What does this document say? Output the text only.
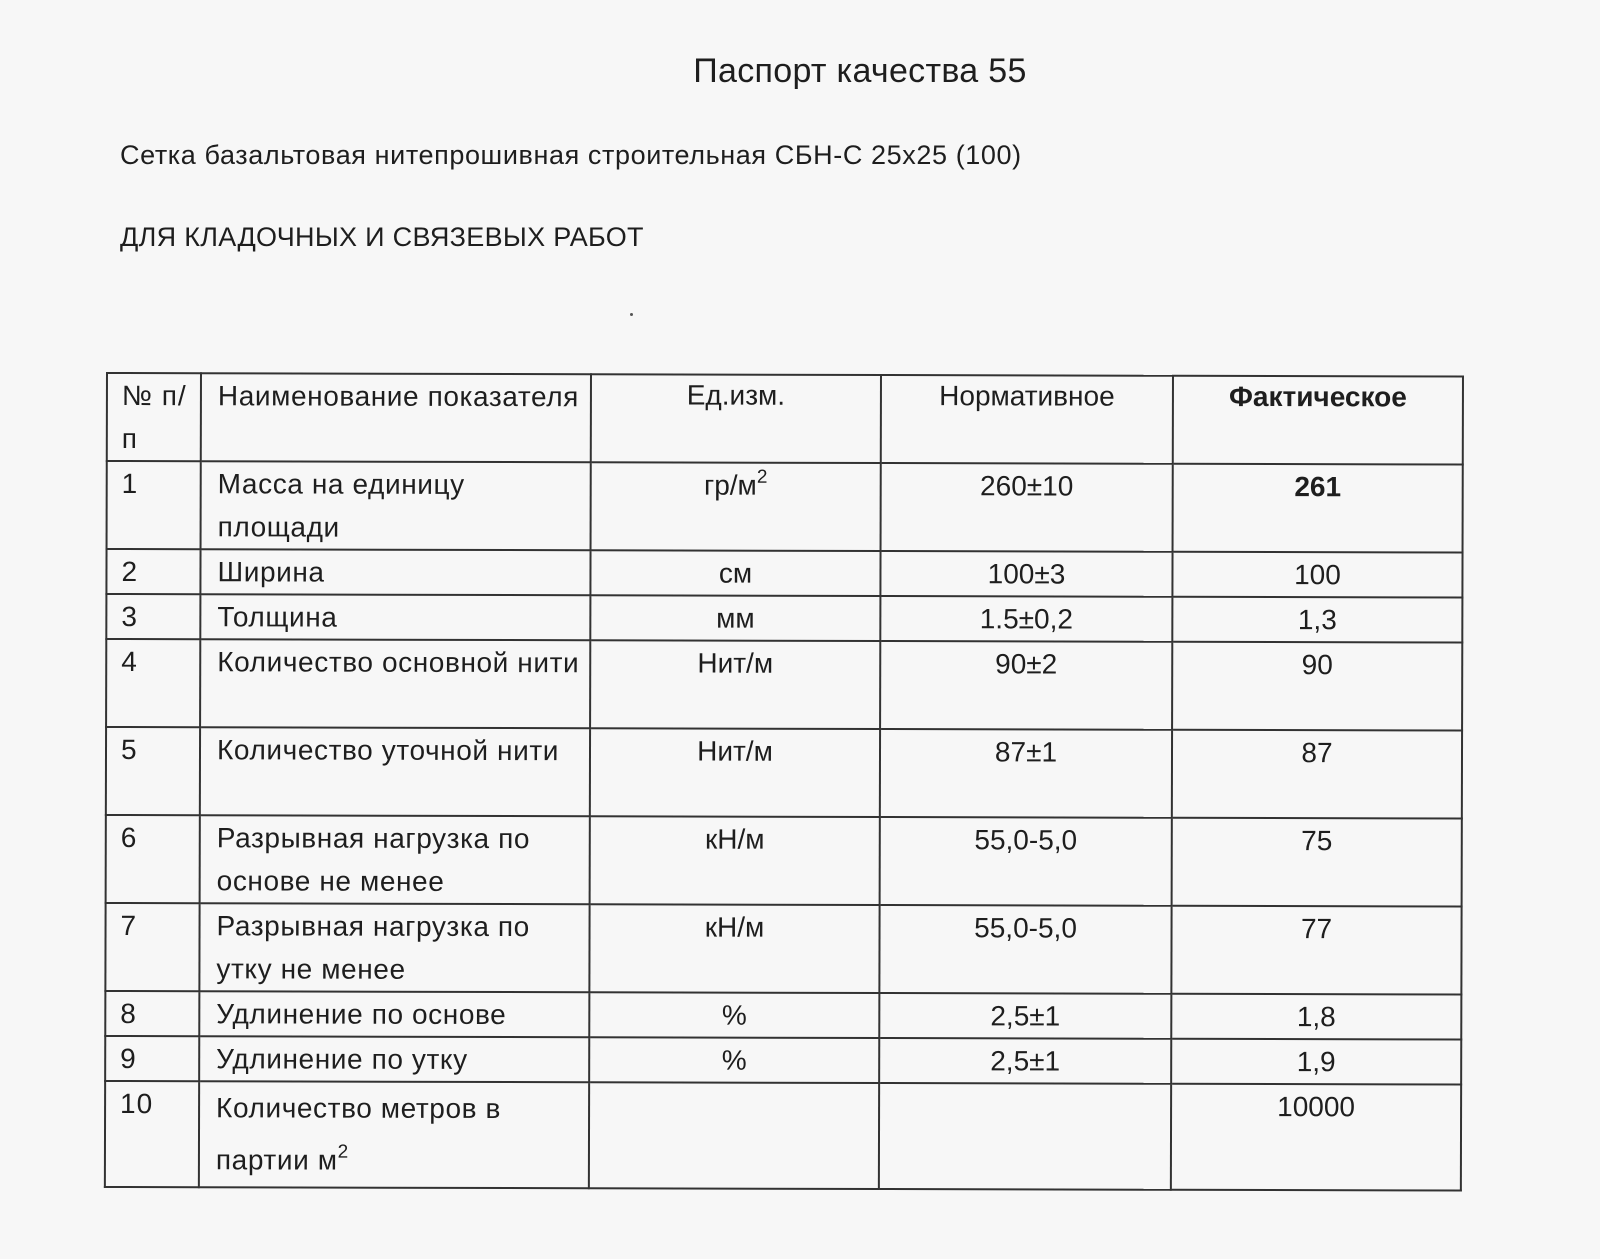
Паспорт качества 55

Сетка базальтовая нитепрошивная строительная СБН-С 25х25 (100)

ДЛЯ КЛАДОЧНЫХ И СВЯЗЕВЫХ РАБОТ

№ п/п	Наименование показателя	Ед.изм.	Нормативное	Фактическое
1	Масса на единицу площади	$гр/м^2$	260±10	261
2	Ширина	см	100±3	100
3	Толщина	мм	1.5±0,2	1,3
4	Количество основной нити	Нит/м	90±2	90
5	Количество уточной нити	Нит/м	87±1	87
6	Разрывная нагрузка по основе не менее	кН/м	55,0-5,0	75
7	Разрывная нагрузка по утку не менее	кН/м	55,0-5,0	77
8	Удлинение по основе	%	2,5±1	1,8
9	Удлинение по утку	%	2,5±1	1,9
10	Количество метров в партии $м^2$			10000
